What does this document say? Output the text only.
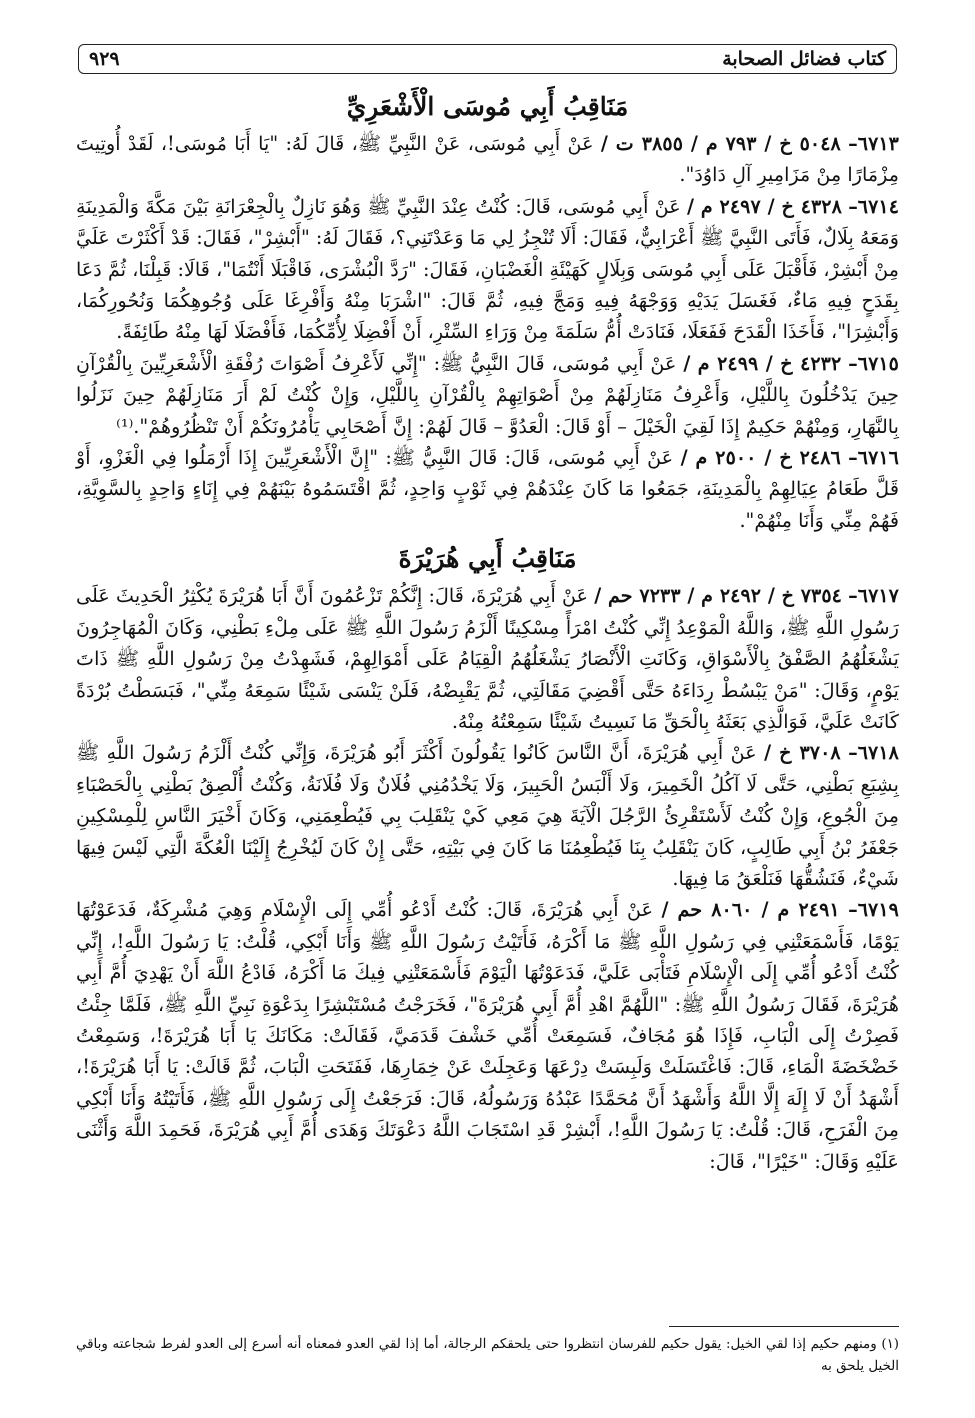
كتاب فضائل الصحابة
٩٢٩
مَنَاقِبُ أَبِي مُوسَى الْأَشْعَرِيِّ

٦٧١٣– ٥٠٤٨ خ / ٧٩٣ م / ٣٨٥٥ ت / عَنْ أَبِي مُوسَى، عَنْ النَّبِيِّ ﷺ، قَالَ لَهُ: "يَا أَبَا مُوسَى!، لَقَدْ أُوتِيتَ مِزْمَارًا مِنْ مَزَامِيرِ آلِ دَاوُدَ".

٦٧١٤– ٤٣٢٨ خ / ٢٤٩٧ م / عَنْ أَبِي مُوسَى، قَالَ: كُنْتُ عِنْدَ النَّبِيِّ ﷺ وَهُوَ نَازِلٌ بِالْجِعْرَانَةِ بَيْنَ مَكَّةَ وَالْمَدِينَةِ وَمَعَهُ بِلَالٌ، فَأَتَى النَّبِيَّ ﷺ أَعْرَابِيٌّ، فَقَالَ: أَلَا تُنْجِزُ لِي مَا وَعَدْتَنِي؟، فَقَالَ لَهُ: "أَبْشِرْ"، فَقَالَ: قَدْ أَكْثَرْتَ عَلَيَّ مِنْ أَبْشِرْ، فَأَقْبَلَ عَلَى أَبِي مُوسَى وَبِلَالٍ كَهَيْئَةِ الْغَضْبَانِ، فَقَالَ: "رَدَّ الْبُشْرَى، فَاقْبَلَا أَنْتُمَا"، قَالَا: قَبِلْنَا، ثُمَّ دَعَا بِقَدَحٍ فِيهِ مَاءٌ، فَغَسَلَ يَدَيْهِ وَوَجْهَهُ فِيهِ وَمَجَّ فِيهِ، ثُمَّ قَالَ: "اشْرَبَا مِنْهُ وَأَفْرِغَا عَلَى وُجُوهِكُمَا وَنُحُورِكُمَا، وَأَبْشِرَا"، فَأَخَذَا الْقَدَحَ فَفَعَلَا، فَنَادَتْ أُمُّ سَلَمَةَ مِنْ وَرَاءِ السِّتْرِ، أَنْ أَفْضِلَا لِأُمِّكُمَا، فَأَفْضَلَا لَهَا مِنْهُ طَائِفَةً.

٦٧١٥– ٤٢٣٢ خ / ٢٤٩٩ م / عَنْ أَبِي مُوسَى، قَالَ النَّبِيُّ ﷺ: "إِنِّي لَأَعْرِفُ أَصْوَاتَ رُفْقَةِ الْأَشْعَرِيِّينَ بِالْقُرْآنِ حِينَ يَدْخُلُونَ بِاللَّيْلِ، وَأَعْرِفُ مَنَازِلَهُمْ مِنْ أَصْوَاتِهِمْ بِالْقُرْآنِ بِاللَّيْلِ، وَإِنْ كُنْتُ لَمْ أَرَ مَنَازِلَهُمْ حِينَ نَزَلُوا بِالنَّهَارِ، وَمِنْهُمْ حَكِيمٌ إِذَا لَقِيَ الْخَيْلَ – أَوْ قَالَ: الْعَدُوَّ – قَالَ لَهُمْ: إِنَّ أَصْحَابِي يَأْمُرُونَكُمْ أَنْ تَنْظُرُوهُمْ".⁽¹⁾

٦٧١٦– ٢٤٨٦ خ / ٢٥٠٠ م / عَنْ أَبِي مُوسَى، قَالَ: قَالَ النَّبِيُّ ﷺ: "إِنَّ الْأَشْعَرِيِّينَ إِذَا أَرْمَلُوا فِي الْغَزْوِ، أَوْ قَلَّ طَعَامُ عِيَالِهِمْ بِالْمَدِينَةِ، جَمَعُوا مَا كَانَ عِنْدَهُمْ فِي ثَوْبٍ وَاحِدٍ، ثُمَّ اقْتَسَمُوهُ بَيْنَهُمْ فِي إِنَاءٍ وَاحِدٍ بِالسَّوِيَّةِ، فَهُمْ مِنِّي وَأَنَا مِنْهُمْ".

مَنَاقِبُ أَبِي هُرَيْرَةَ

٦٧١٧– ٧٣٥٤ خ / ٢٤٩٢ م / ٧٢٣٣ حم / عَنْ أَبِي هُرَيْرَةَ، قَالَ: إِنَّكُمْ تَزْعُمُونَ أَنَّ أَبَا هُرَيْرَةَ يُكْثِرُ الْحَدِيثَ عَلَى رَسُولِ اللَّهِ ﷺ، وَاللَّهُ الْمَوْعِدُ إِنِّي كُنْتُ امْرَأً مِسْكِينًا أَلْزَمُ رَسُولَ اللَّهِ ﷺ عَلَى مِلْءِ بَطْنِي، وَكَانَ الْمُهَاجِرُونَ يَشْغَلُهُمُ الصَّفْقُ بِالْأَسْوَاقِ، وَكَانَتِ الْأَنْصَارُ يَشْغَلُهُمُ الْقِيَامُ عَلَى أَمْوَالِهِمْ، فَشَهِدْتُ مِنْ رَسُولِ اللَّهِ ﷺ ذَاتَ يَوْمٍ، وَقَالَ: "مَنْ يَبْسُطْ رِدَاءَهُ حَتَّى أَقْضِيَ مَقَالَتِي، ثُمَّ يَقْبِضْهُ، فَلَنْ يَنْسَى شَيْئًا سَمِعَهُ مِنِّي"، فَبَسَطْتُ بُرْدَةً كَانَتْ عَلَيَّ، فَوَالَّذِي بَعَثَهُ بِالْحَقِّ مَا نَسِيتُ شَيْئًا سَمِعْتُهُ مِنْهُ.

٦٧١٨– ٣٧٠٨ خ / عَنْ أَبِي هُرَيْرَةَ، أَنَّ النَّاسَ كَانُوا يَقُولُونَ أَكْثَرَ أَبُو هُرَيْرَةَ، وَإِنِّي كُنْتُ أَلْزَمُ رَسُولَ اللَّهِ ﷺ بِشِبَعِ بَطْنِي، حَتَّى لَا آكُلُ الْخَمِيرَ، وَلَا أَلْبَسُ الْحَبِيرَ، وَلَا يَخْدُمُنِي فُلَانٌ وَلَا فُلَانَةُ، وَكُنْتُ أُلْصِقُ بَطْنِي بِالْحَصْبَاءِ مِنَ الْجُوعِ، وَإِنْ كُنْتُ لَأَسْتَقْرِئُ الرَّجُلَ الْآيَةَ هِيَ مَعِي كَيْ يَنْقَلِبَ بِي فَيُطْعِمَنِي، وَكَانَ أَخْيَرَ النَّاسِ لِلْمِسْكِينِ جَعْفَرُ بْنُ أَبِي طَالِبٍ، كَانَ يَنْقَلِبُ بِنَا فَيُطْعِمُنَا مَا كَانَ فِي بَيْتِهِ، حَتَّى إِنْ كَانَ لَيُخْرِجُ إِلَيْنَا الْعُكَّةَ الَّتِي لَيْسَ فِيهَا شَيْءٌ، فَنَشُقُّهَا فَنَلْعَقُ مَا فِيهَا.

٦٧١٩– ٢٤٩١ م / ٨٠٦٠ حم / عَنْ أَبِي هُرَيْرَةَ، قَالَ: كُنْتُ أَدْعُو أُمِّي إِلَى الْإِسْلَامِ وَهِيَ مُشْرِكَةٌ، فَدَعَوْتُهَا يَوْمًا، فَأَسْمَعَتْنِي فِي رَسُولِ اللَّهِ ﷺ مَا أَكْرَهُ، فَأَتَيْتُ رَسُولَ اللَّهِ ﷺ وَأَنَا أَبْكِي، قُلْتُ: يَا رَسُولَ اللَّهِ!، إِنِّي كُنْتُ أَدْعُو أُمِّي إِلَى الْإِسْلَامِ فَتَأْبَى عَلَيَّ، فَدَعَوْتُهَا الْيَوْمَ فَأَسْمَعَتْنِي فِيكَ مَا أَكْرَهُ، فَادْعُ اللَّهَ أَنْ يَهْدِيَ أُمَّ أَبِي هُرَيْرَةَ، فَقَالَ رَسُولُ اللَّهِ ﷺ: "اللَّهُمَّ اهْدِ أُمَّ أَبِي هُرَيْرَةَ"، فَخَرَجْتُ مُسْتَبْشِرًا بِدَعْوَةِ نَبِيِّ اللَّهِ ﷺ، فَلَمَّا جِئْتُ فَصِرْتُ إِلَى الْبَابِ، فَإِذَا هُوَ مُجَافٌ، فَسَمِعَتْ أُمِّي خَشْفَ قَدَمَيَّ، فَقَالَتْ: مَكَانَكَ يَا أَبَا هُرَيْرَةَ!، وَسَمِعْتُ خَضْخَضَةَ الْمَاءِ، قَالَ: فَاغْتَسَلَتْ وَلَبِسَتْ دِرْعَهَا وَعَجِلَتْ عَنْ خِمَارِهَا، فَفَتَحَتِ الْبَابَ، ثُمَّ قَالَتْ: يَا أَبَا هُرَيْرَةَ!، أَشْهَدُ أَنْ لَا إِلَهَ إِلَّا اللَّهُ وَأَشْهَدُ أَنَّ مُحَمَّدًا عَبْدُهُ وَرَسُولُهُ، قَالَ: فَرَجَعْتُ إِلَى رَسُولِ اللَّهِ ﷺ، فَأَتَيْتُهُ وَأَنَا أَبْكِي مِنَ الْفَرَحِ، قَالَ: قُلْتُ: يَا رَسُولَ اللَّهِ!، أَبْشِرْ قَدِ اسْتَجَابَ اللَّهُ دَعْوَتَكَ وَهَدَى أُمَّ أَبِي هُرَيْرَةَ، فَحَمِدَ اللَّهَ وَأَثْنَى عَلَيْهِ وَقَالَ: "خَيْرًا"، قَالَ:

(١) ومنهم حكيم إذا لقي الخيل: يقول حكيم للفرسان انتظروا حتى يلحقكم الرجالة، أما إذا لقي العدو فمعناه أنه أسرع إلى العدو لفرط شجاعته وباقي الخيل يلحق به
